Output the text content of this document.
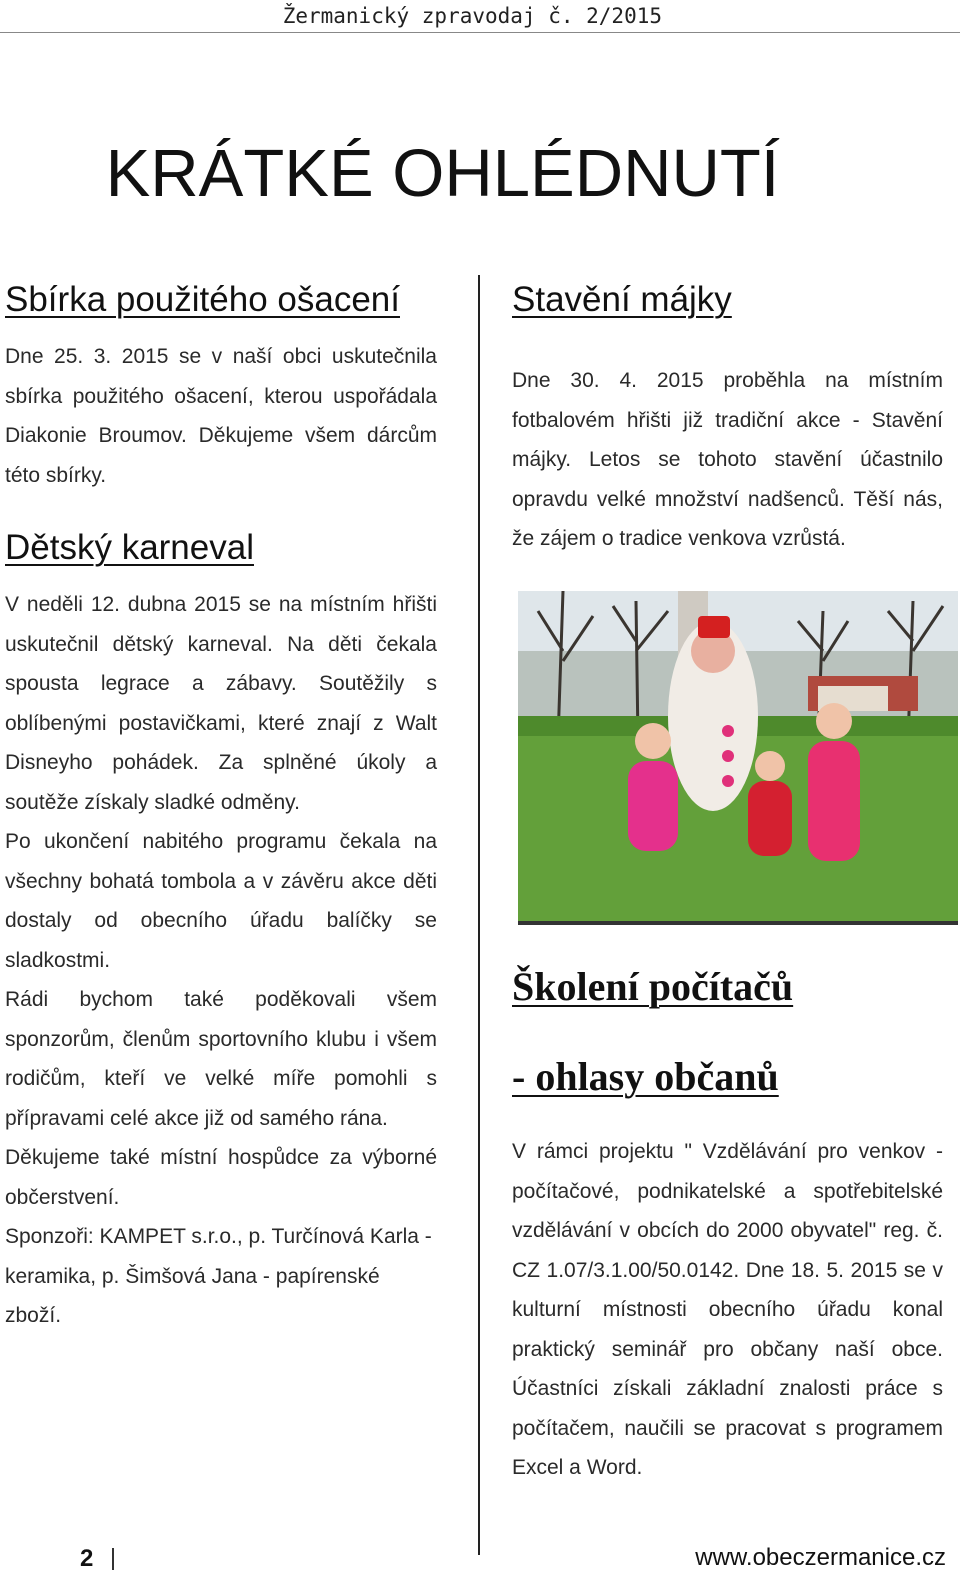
Žermanický zpravodaj č. 2/2015
KRÁTKÉ OHLÉDNUTÍ
Sbírka použitého ošacení

Dne 25. 3. 2015 se v naší obci uskutečnila sbírka použitého ošacení, kterou uspořádala Diakonie Broumov. Děkujeme všem dárcům této sbírky.

Dětský karneval

V neděli 12. dubna 2015 se na místním hřišti uskutečnil dětský karneval. Na děti čekala spousta legrace a zábavy. Soutěžily s oblíbenými postavičkami, které znají z Walt Disneyho pohádek. Za splněné úkoly a soutěže získaly sladké odměny.

Po ukončení nabitého programu čekala na všechny bohatá tombola a v závěru akce děti dostaly od obecního úřadu balíčky se sladkostmi.

Rádi bychom také poděkovali všem sponzorům, členům sportovního klubu i všem rodičům, kteří ve velké míře pomohli s přípravami celé akce již od samého rána.

Děkujeme také místní hospůdce za výborné občerstvení.

Sponzoři: KAMPET s.r.o., p. Turčínová Karla - keramika, p. Šimšová Jana - papírenské zboží.

Stavění májky

Dne 30. 4. 2015 proběhla na místním fotbalovém hřišti již tradiční akce - Stavění májky. Letos se tohoto stavění účastnilo opravdu velké množství nadšenců. Těší nás, že zájem o tradice venkova vzrůstá.

Školení počítačů
- ohlasy občanů

V rámci projektu " Vzdělávání pro venkov - počítačové, podnikatelské a spotřebitelské vzdělávání v obcích do 2000 obyvatel" reg. č. CZ 1.07/3.1.00/50.0142. Dne 18. 5. 2015 se v kulturní místnosti obecního úřadu konal praktický seminář pro občany naší obce. Účastníci získali základní znalosti práce s počítačem, naučili se pracovat s programem Excel a Word.

2	www.obeczermanice.cz
